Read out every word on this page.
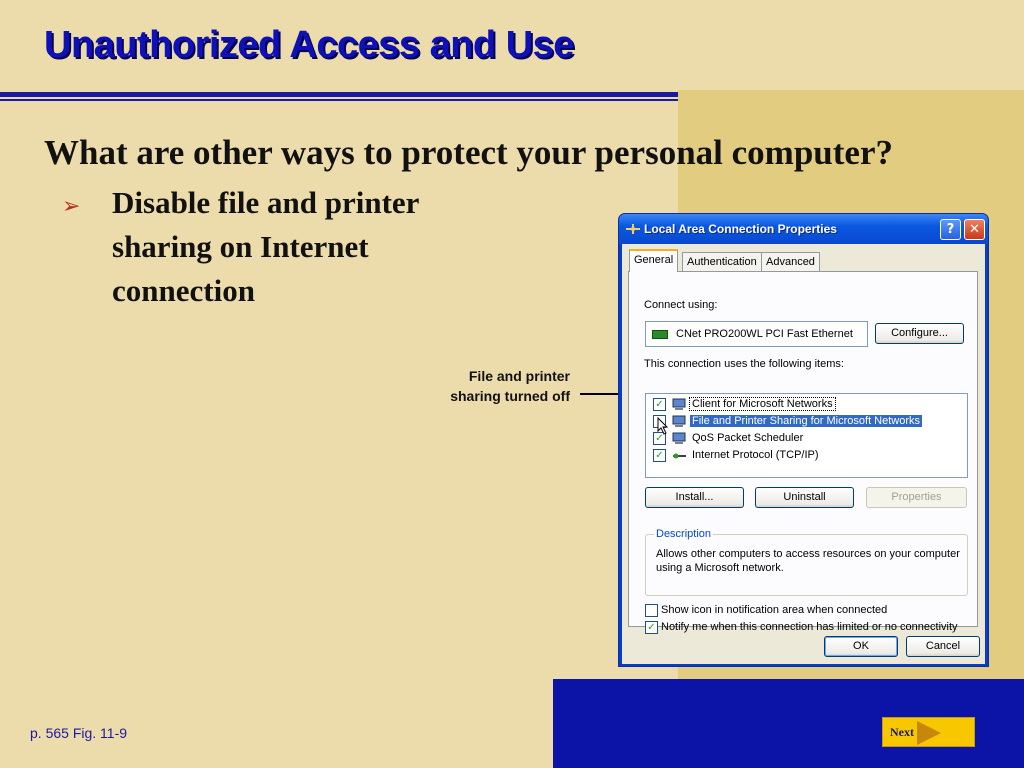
Unauthorized Access and Use
What are other ways to protect your personal computer?
➢ Disable file and printer sharing on Internet connection
File and printer sharing turned off
p. 565 Fig. 11-9	Next
Local Area Connection Properties	?	✕
General	Authentication Advanced
Connect using:
CNet PRO200WL PCI Fast Ethernet	Configure...
This connection uses the following items:
✓	Client for Microsoft Networks
File and Printer Sharing for Microsoft Networks
✓	QoS Packet Scheduler
✓	Internet Protocol (TCP/IP)
Install...	Uninstall	Properties
Description
Allows other computers to access resources on your computer using a Microsoft network.
Show icon in notification area when connected
✓ Notify me when this connection has limited or no connectivity
OK	Cancel
